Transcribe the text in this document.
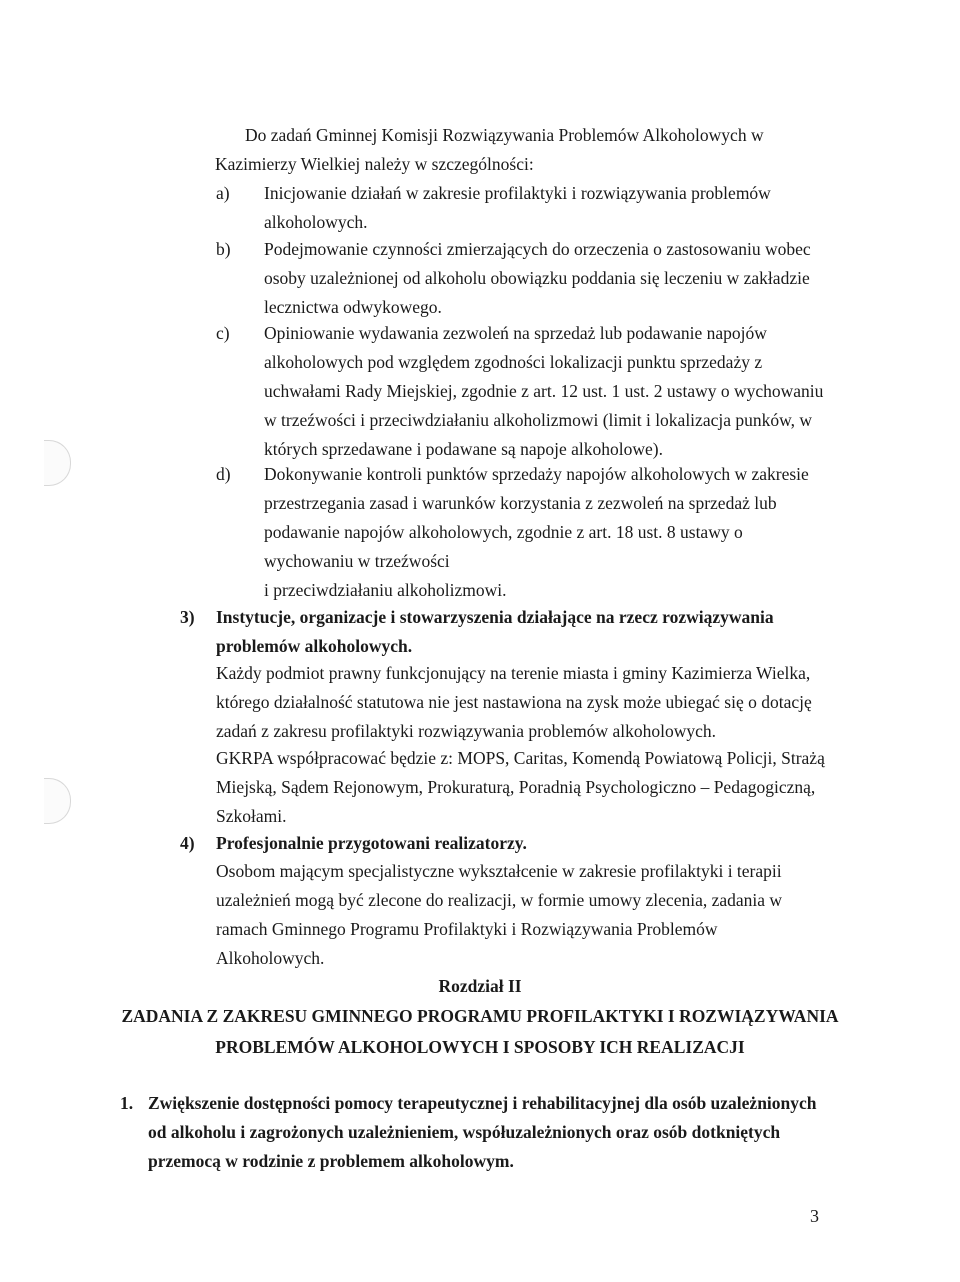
Do zadań Gminnej Komisji Rozwiązywania Problemów Alkoholowych w Kazimierzy Wielkiej należy w szczególności:
a) Inicjowanie działań w zakresie profilaktyki i rozwiązywania problemów alkoholowych.
b) Podejmowanie czynności zmierzających do orzeczenia o zastosowaniu wobec osoby uzależnionej od alkoholu obowiązku poddania się leczeniu w zakładzie lecznictwa odwykowego.
c) Opiniowanie wydawania zezwoleń na sprzedaż lub podawanie napojów alkoholowych pod względem zgodności lokalizacji punktu sprzedaży z uchwałami Rady Miejskiej, zgodnie z art. 12 ust. 1 ust. 2 ustawy o wychowaniu w trzeźwości i przeciwdziałaniu alkoholizmowi (limit i lokalizacja punków, w których sprzedawane i podawane są napoje alkoholowe).
d) Dokonywanie kontroli punktów sprzedaży napojów alkoholowych w zakresie przestrzegania zasad i warunków korzystania z zezwoleń na sprzedaż lub podawanie napojów alkoholowych, zgodnie z art. 18 ust. 8 ustawy o wychowaniu w trzeźwości
i przeciwdziałaniu alkoholizmowi.
3) Instytucje, organizacje i stowarzyszenia działające na rzecz rozwiązywania problemów alkoholowych.
Każdy podmiot prawny funkcjonujący na terenie miasta i gminy Kazimierza Wielka, którego działalność statutowa nie jest nastawiona na zysk może ubiegać się o dotację zadań z zakresu profilaktyki rozwiązywania problemów alkoholowych.
GKRPA współpracować będzie z: MOPS, Caritas, Komendą Powiatową Policji, Strażą Miejską, Sądem Rejonowym, Prokuraturą, Poradnią Psychologiczno – Pedagogiczną, Szkołami.
4) Profesjonalnie przygotowani realizatorzy.
Osobom mającym specjalistyczne wykształcenie w zakresie profilaktyki i terapii uzależnień mogą być zlecone do realizacji, w formie umowy zlecenia, zadania w ramach Gminnego Programu Profilaktyki i Rozwiązywania Problemów Alkoholowych.
Rozdział II
ZADANIA Z ZAKRESU GMINNEGO PROGRAMU PROFILAKTYKI I ROZWIĄZYWANIA
PROBLEMÓW ALKOHOLOWYCH I SPOSOBY ICH REALIZACJI
1. Zwiększenie dostępności pomocy terapeutycznej i rehabilitacyjnej dla osób uzależnionych od alkoholu i zagrożonych uzależnieniem, współuzależnionych oraz osób dotkniętych przemocą w rodzinie z problemem alkoholowym.
3
